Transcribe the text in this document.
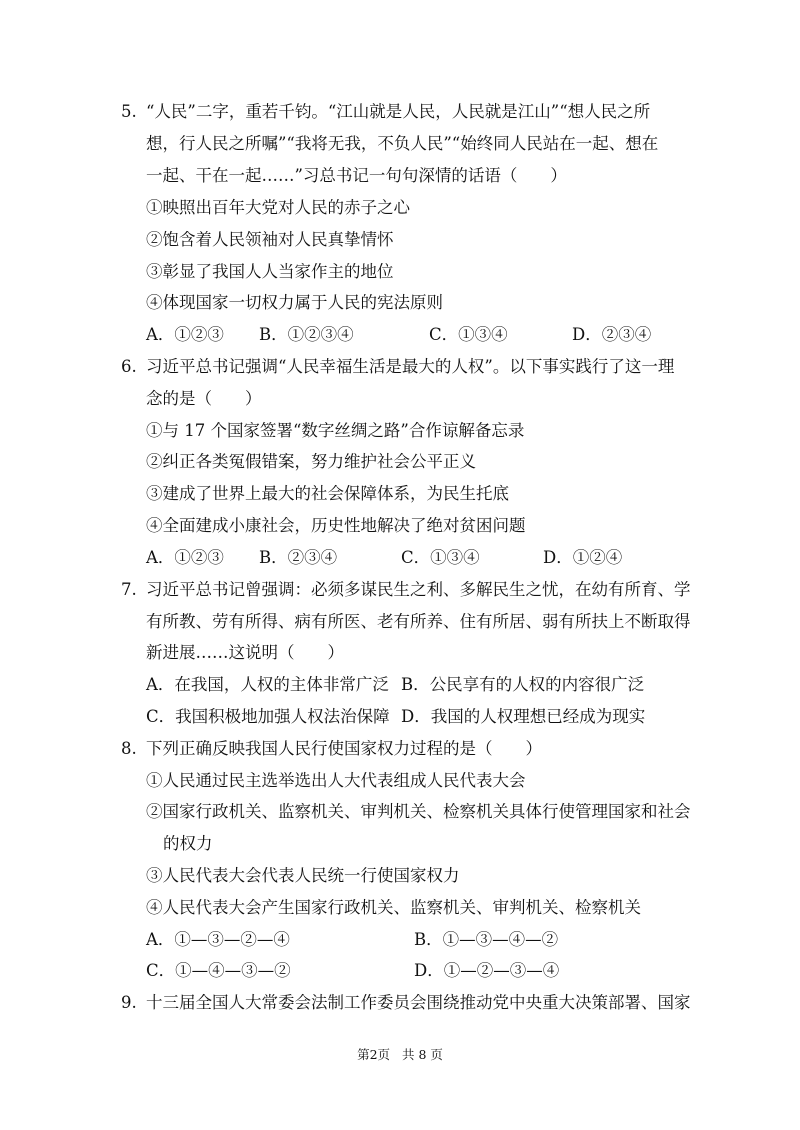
5. “人民”二字，重若千钧。“江山就是人民，人民就是江山”“想人民之所
想，行人民之所嘱”“我将无我，不负人民”“始终同人民站在一起、想在
一起、干在一起……”习总书记一句句深情的话语（　　）
①映照出百年大党对人民的赤子之心
②饱含着人民领袖对人民真挚情怀
③彰显了我国人人当家作主的地位
④体现国家一切权力属于人民的宪法原则
A．①②③ B．①②③④	C．①③④	D．②③④
6. 习近平总书记强调“人民幸福生活是最大的人权”。以下事实践行了这一理
念的是（　　）
①与 17 个国家签署“数字丝绸之路”合作谅解备忘录
②纠正各类冤假错案，努力维护社会公平正义
③建成了世界上最大的社会保障体系，为民生托底
④全面建成小康社会，历史性地解决了绝对贫困问题
A．①②③ B．②③④	C．①③④	D．①②④
7. 习近平总书记曾强调：必须多谋民生之利、多解民生之忧，在幼有所育、学
有所教、劳有所得、病有所医、老有所养、住有所居、弱有所扶上不断取得
新进展……这说明（　　）
A．在我国，人权的主体非常广泛 B．公民享有的人权的内容很广泛
C．我国积极地加强人权法治保障 D．我国的人权理想已经成为现实
8. 下列正确反映我国人民行使国家权力过程的是（　　）
①人民通过民主选举选出人大代表组成人民代表大会
②国家行政机关、监察机关、审判机关、检察机关具体行使管理国家和社会
的权力
③人民代表大会代表人民统一行使国家权力
④人民代表大会产生国家行政机关、监察机关、审判机关、检察机关
A．①—③—②—④	B．①—③—④—②
C．①—④—③—②	D．①—②—③—④
9. 十三届全国人大常委会法制工作委员会围绕推动党中央重大决策部署、国家
第2页 共 8 页
